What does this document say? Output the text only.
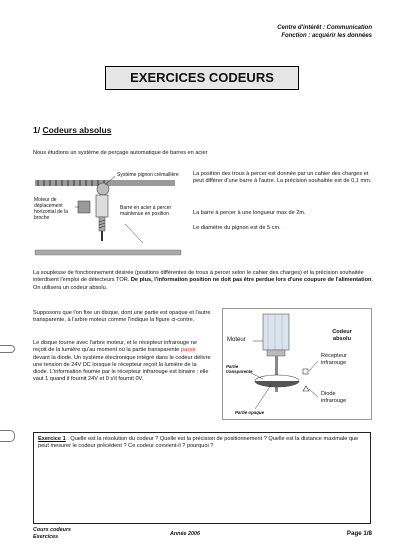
Centre d'intérêt : Communication
Fonction : acquérir les données
EXERCICES CODEURS
1/ Codeurs absolus
Nous étudions un système de perçage automatique de barres en acier
Système pignon crémaillère
Moteur de déplacement horizontal de la broche
Barre en acier à percer maintenue en position
La position des trous à percer est donnée par un cahier des charges et peut différer d'une barre à l'autre. La précision souhaitée est de 0,1 mm.
La barre à percer à une longueur max de 2m.
Le diamètre du pignon est de 5 cm.
La souplesse de fonctionnement désirée (positions différentes de trous à percer selon le cahier des charges) et la précision souhaitée interdisent l'emploi de détecteurs TOR. De plus, l'information position ne doit pas être perdue lors d'une coupure de l'alimentation. On utilisera un codeur absolu.
Supposons que l'on fixe un disque, dont une partie est opaque et l'autre transparente, à l'arbre moteur comme l'indique la figure ci-contre.
Le disque tourne avec l'arbre moteur, et le récepteur infrarouge ne reçoit de la lumière qu'au moment où la partie transparente passe devant la diode. Un système électronique intégré dans le codeur délivre une tension de 24V DC lorsque le récepteur reçoit la lumière de la diode. L'information fournie par le récepteur infrarouge est binaire : elle vaut 1 quand il fournit 24V et 0 s'il fournit 0V.
Moteur
Codeur absolu
Partie transparente
Récepteur infrarouge
Diode infrarouge
Partie opaque
Exercice 1 : Quelle est la résolution du codeur ? Quelle est la précision de positionnement ? Quelle est la distance maximale que peut mesurer le codeur précédent ? Ce codeur convient-il ? pourquoi ?
Cours codeurs
Exercices	Année 2006	Page 1/8
